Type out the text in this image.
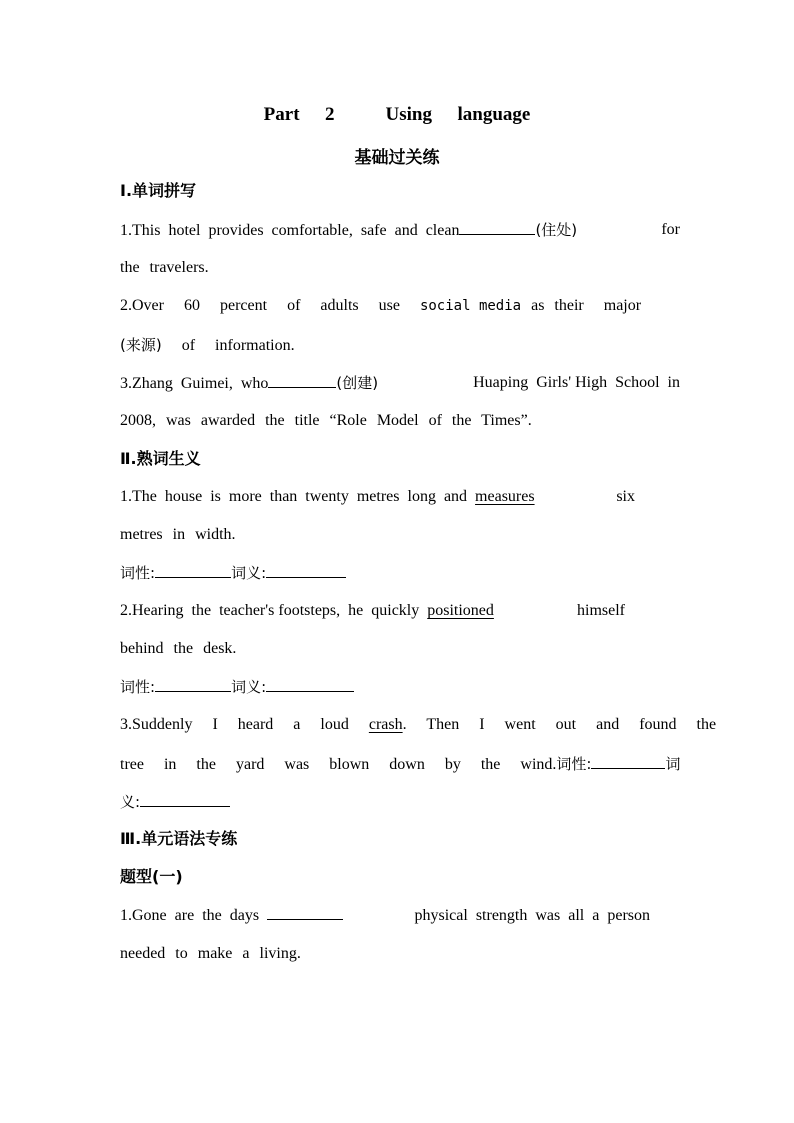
Part  2    Using  language
基础过关练
Ⅰ.单词拼写
1.This  hotel  provides  comfortable,  safe  and  clean	(住处)	for
the travelers.
2.Over  60  percent  of  adults  use social media as their  major
(来源) of  information.
3.Zhang  Guimei,  who	(创建)	Huaping  Girls' High  School  in
2008, was awarded the title “Role Model of the Times”.
Ⅱ.熟词生义
1.The  house  is  more  than  twenty  metres  long  and measures	six
metres in width.
词性:	词义:
2.Hearing  the  teacher's footsteps,  he  quickly positioned	himself
behind the desk.
词性:	词义:
3.Suddenly  I  heard  a  loud crash.  Then  I  went  out  and  found  the
tree  in  the  yard  was  blown  down  by  the  wind.词性:	词
义:
Ⅲ.单元语法专练
题型(一)
1.Gone  are  the  days	physical  strength  was  all  a  person
needed to make a living.
